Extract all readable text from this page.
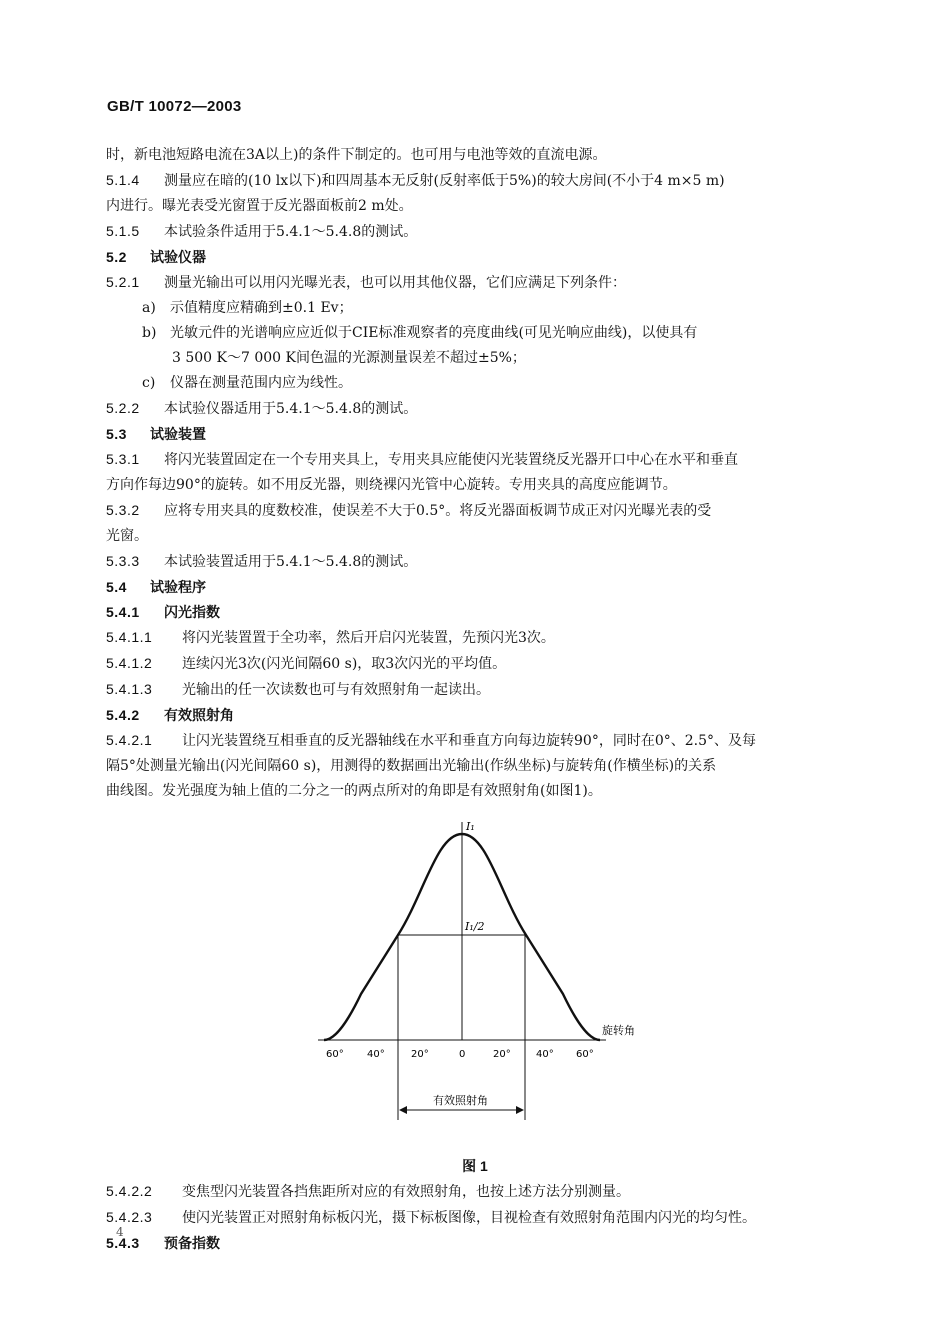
GB/T 10072—2003

时，新电池短路电流在3A以上)的条件下制定的。也可用与电池等效的直流电源。

5.1.4 测量应在暗的(10 lx以下)和四周基本无反射(反射率低于5%)的较大房间(不小于4 m×5 m)
内进行。曝光表受光窗置于反光器面板前2 m处。

5.1.5 本试验条件适用于5.4.1～5.4.8的测试。

5.2 试验仪器

5.2.1 测量光输出可以用闪光曝光表，也可以用其他仪器，它们应满足下列条件：

a) 示值精度应精确到±0.1 Ev；

b) 光敏元件的光谱响应应近似于CIE标准观察者的亮度曲线(可见光响应曲线)，以使具有

3 500 K～7 000 K间色温的光源测量误差不超过±5%；

c) 仪器在测量范围内应为线性。

5.2.2 本试验仪器适用于5.4.1～5.4.8的测试。

5.3 试验装置

5.3.1 将闪光装置固定在一个专用夹具上，专用夹具应能使闪光装置绕反光器开口中心在水平和垂直
方向作每边90°的旋转。如不用反光器，则绕裸闪光管中心旋转。专用夹具的高度应能调节。

5.3.2 应将专用夹具的度数校准，使误差不大于0.5°。将反光器面板调节成正对闪光曝光表的受
光窗。

5.3.3 本试验装置适用于5.4.1～5.4.8的测试。

5.4 试验程序

5.4.1 闪光指数

5.4.1.1 将闪光装置置于全功率，然后开启闪光装置，先预闪光3次。

5.4.1.2 连续闪光3次(闪光间隔60 s)，取3次闪光的平均值。

5.4.1.3 光输出的任一次读数也可与有效照射角一起读出。

5.4.2 有效照射角

5.4.2.1 让闪光装置绕互相垂直的反光器轴线在水平和垂直方向每边旋转90°，同时在0°、2.5°、及每
隔5°处测量光输出(闪光间隔60 s)，用测得的数据画出光输出(作纵坐标)与旋转角(作横坐标)的关系
曲线图。发光强度为轴上值的二分之一的两点所对的角即是有效照射角(如图1)。

I₁
I₁/2
旋转角
60° 40°	20°	0	20°	40° 60°
有效照射角

图 1

5.4.2.2 变焦型闪光装置各挡焦距所对应的有效照射角，也按上述方法分别测量。

5.4.2.3 使闪光装置正对照射角标板闪光，摄下标板图像，目视检查有效照射角范围内闪光的均匀性。

5.4.3 预备指数

4
